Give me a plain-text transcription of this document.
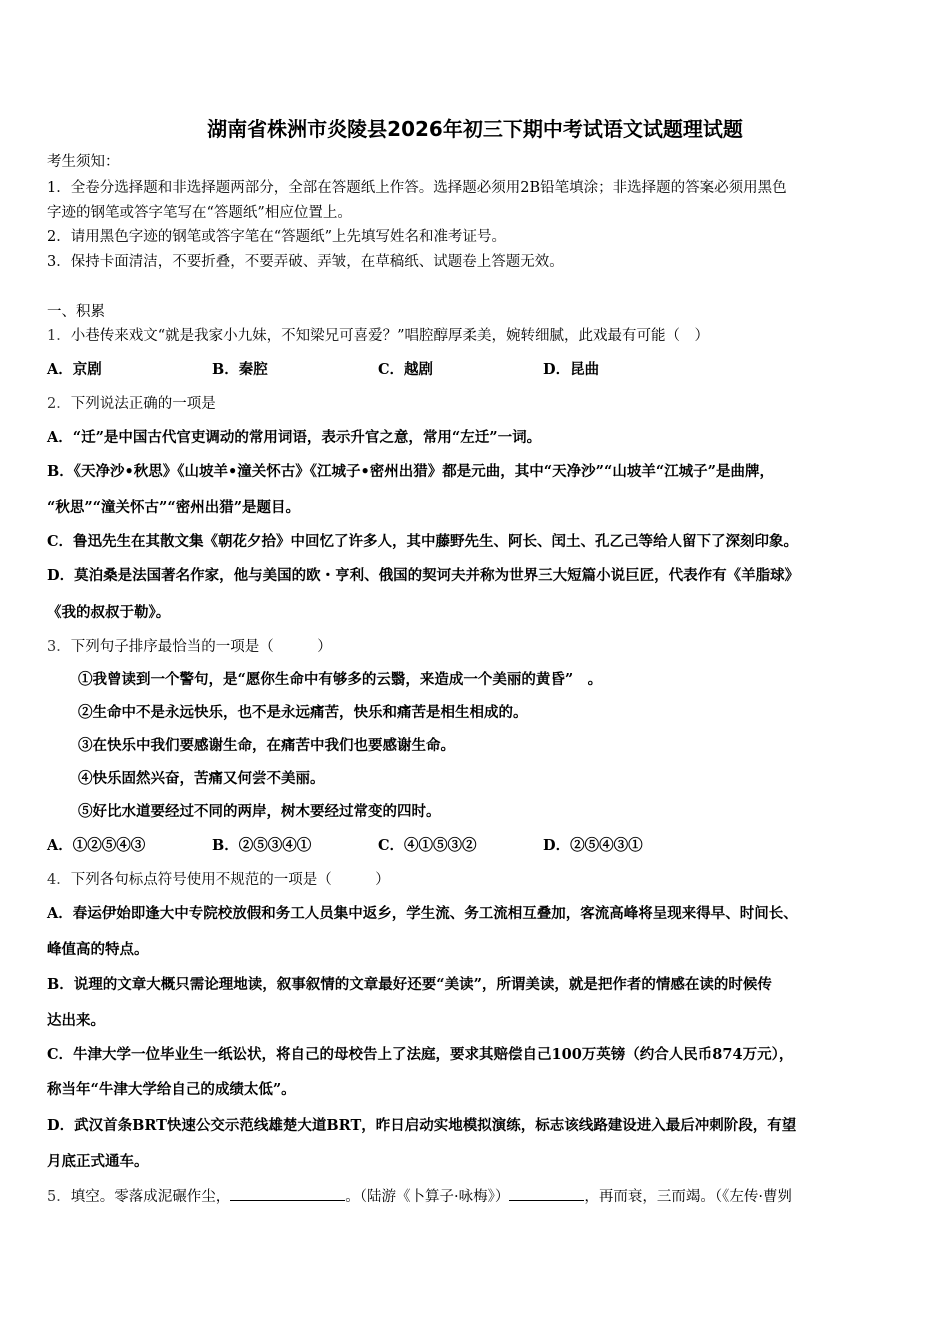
湖南省株洲市炎陵县2026年初三下期中考试语文试题理试题
考生须知：
1．全卷分选择题和非选择题两部分，全部在答题纸上作答。选择题必须用2B铅笔填涂；非选择题的答案必须用黑色
字迹的钢笔或答字笔写在“答题纸”相应位置上。
2．请用黑色字迹的钢笔或答字笔在“答题纸”上先填写姓名和准考证号。
3．保持卡面清洁，不要折叠，不要弄破、弄皱，在草稿纸、试题卷上答题无效。
一、积累
1．小巷传来戏文“就是我家小九妹，不知梁兄可喜爱？”唱腔醇厚柔美，婉转细腻，此戏最有可能（　）
A．京剧	B．秦腔	C．越剧	D．昆曲
2．下列说法正确的一项是
A．“迁”是中国古代官吏调动的常用词语，表示升官之意，常用“左迁”一词。
B．《天净沙•秋思》《山坡羊•潼关怀古》《江城子•密州出猎》都是元曲，其中“天净沙”“山坡羊“江城子”是曲牌，
“秋思”“潼关怀古”“密州出猎”是题目。
C．鲁迅先生在其散文集《朝花夕拾》中回忆了许多人，其中藤野先生、阿长、闰土、孔乙己等给人留下了深刻印象。
D．莫泊桑是法国著名作家，他与美国的欧・亨利、俄国的契诃夫并称为世界三大短篇小说巨匠，代表作有《羊脂球》
《我的叔叔于勒》。
3．下列句子排序最恰当的一项是（　　　）
①我曾读到一个警句，是“愿你生命中有够多的云翳，来造成一个美丽的黄昏”　。
②生命中不是永远快乐，也不是永远痛苦，快乐和痛苦是相生相成的。
③在快乐中我们要感谢生命，在痛苦中我们也要感谢生命。
④快乐固然兴奋，苦痛又何尝不美丽。
⑤好比水道要经过不同的两岸，树木要经过常变的四时。
A．①②⑤④③	B．②⑤③④①	C．④①⑤③②	D．②⑤④③①
4．下列各句标点符号使用不规范的一项是（　　　）
A．春运伊始即逢大中专院校放假和务工人员集中返乡，学生流、务工流相互叠加，客流高峰将呈现来得早、时间长、
峰值高的特点。
B．说理的文章大概只需论理地读，叙事叙情的文章最好还要“美读”，所谓美读，就是把作者的情感在读的时候传
达出来。
C．牛津大学一位毕业生一纸讼状，将自己的母校告上了法庭，要求其赔偿自己100万英镑（约合人民币874万元），
称当年“牛津大学给自己的成绩太低”。
D．武汉首条BRT快速公交示范线雄楚大道BRT，昨日启动实地模拟演练，标志该线路建设进入最后冲刺阶段，有望
月底正式通车。
5．填空。零落成泥碾作尘，	。（陆游《卜算子·咏梅》）	，再而衰，三而竭。（《左传·曹刿
